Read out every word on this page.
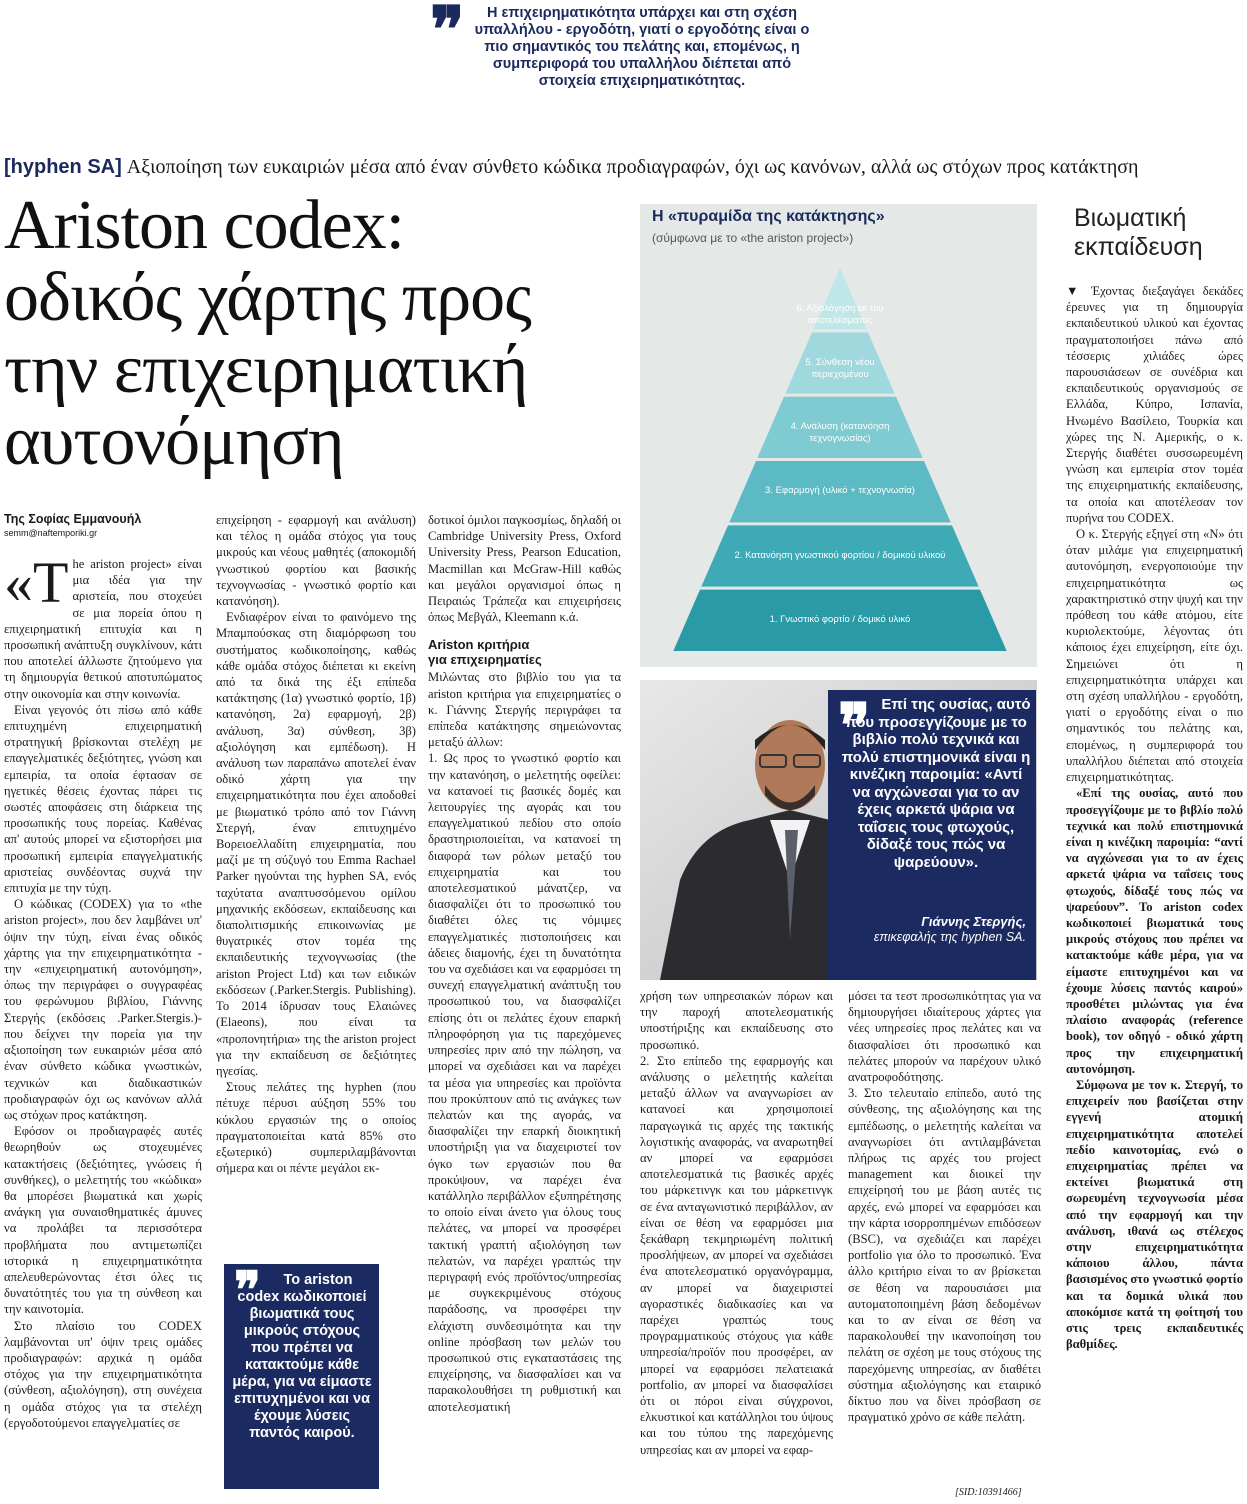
❞	Η επιχειρηματικότητα υπάρχει και στη σχέση υπαλλήλου - εργοδότη, γιατί ο εργοδότης είναι ο πιο σημαντικός του πελάτης και, επομένως, η συμπεριφορά του υπαλλήλου διέπεται από στοιχεία επιχειρηματικότητας.
[hyphen SA] Αξιοποίηση των ευκαιριών μέσα από έναν σύνθετο κώδικα προδιαγραφών, όχι ως κανόνων, αλλά ως στόχων προς κατάκτηση
Ariston codex:
οδικός χάρτης προς
την επιχειρηματική
αυτονόμηση
Της Σοφίας Εμμανουήλ
semm@naftemporiki.gr
«T he ariston project» είναι μια ιδέα για την αριστεία, που στοχεύει σε μια πορεία όπου η επιχειρηματική επιτυχία και η προσωπική ανάπτυξη συγκλίνουν, κάτι που αποτελεί άλλωστε ζητούμενο για τη δημιουργία θετικού αποτυπώματος στην οικονομία και στην κοινωνία.

Είναι γεγονός ότι πίσω από κάθε επιτυχημένη επιχειρηματική στρατηγική βρίσκονται στελέχη με επαγγελματικές δεξιότητες, γνώση και εμπειρία, τα οποία έφτασαν σε ηγετικές θέσεις έχοντας πάρει τις σωστές αποφάσεις στη διάρκεια της προσωπικής τους πορείας. Καθένας απ' αυτούς μπορεί να εξιστορήσει μια προσωπική εμπειρία επαγγελματικής αριστείας συνδέοντας συχνά την επιτυχία με την τύχη.

Ο κώδικας (CODEX) για το «the ariston project», που δεν λαμβάνει υπ' όψιν την τύχη, είναι ένας οδικός χάρτης για την επιχειρηματικότητα - την «επιχειρηματική αυτονόμηση», όπως την περιγράφει ο συγγραφέας του φερώνυμου βιβλίου, Γιάννης Στεργής (εκδόσεις .Parker.Stergis.)- που δείχνει την πορεία για την αξιοποίηση των ευκαιριών μέσα από έναν σύνθετο κώδικα γνωστικών, τεχνικών και διαδικαστικών προδιαγραφών όχι ως κανόνων αλλά ως στόχων προς κατάκτηση.

Εφόσον οι προδιαγραφές αυτές θεωρηθούν ως στοχευμένες κατακτήσεις (δεξιότητες, γνώσεις ή συνθήκες), ο μελετητής του «κώδικα» θα μπορέσει βιωματικά και χωρίς ανάγκη για συναισθηματικές άμυνες να προλάβει τα περισσότερα προβλήματα που αντιμετωπίζει ιστορικά η επιχειρηματικότητα απελευθερώνοντας έτσι όλες τις δυνατότητές του για τη σύνθεση και την καινοτομία.

Στο πλαίσιο του CODEX λαμβάνονται υπ' όψιν τρεις ομάδες προδιαγραφών: αρχικά η ομάδα στόχος για την επιχειρηματικότητα (σύνθεση, αξιολόγηση), στη συνέχεια η ομάδα στόχος για τα στελέχη (εργοδοτούμενοι επαγγελματίες σε

επιχείρηση - εφαρμογή και ανάλυση) και τέλος η ομάδα στόχος για τους μικρούς και νέους μαθητές (αποκομιδή γνωστικού φορτίου και βασικής τεχνογνωσίας - γνωστικό φορτίο και κατανόηση).

Ενδιαφέρον είναι το φαινόμενο της Μπαμπούσκας στη διαμόρφωση του συστήματος κωδικοποίησης, καθώς κάθε ομάδα στόχος διέπεται κι εκείνη από τα δικά της έξι επίπεδα κατάκτησης (1α) γνωστικό φορτίο, 1β) κατανόηση, 2α) εφαρμογή, 2β) ανάλυση, 3α) σύνθεση, 3β) αξιολόγηση και εμπέδωση). Η ανάλυση των παραπάνω αποτελεί έναν οδικό χάρτη για την επιχειρηματικότητα που έχει αποδοθεί με βιωματικό τρόπο από τον Γιάννη Στεργή, έναν επιτυχημένο Βορειοελλαδίτη επιχειρηματία, που μαζί με τη σύζυγό του Emma Rachael Parker ηγούνται της hyphen SA, ενός ταχύτατα αναπτυσσόμενου ομίλου μηχανικής εκδόσεων, εκπαίδευσης και διαπολιτισμικής επικοινωνίας με θυγατρικές στον τομέα της εκπαιδευτικής τεχνογνωσίας (the ariston Project Ltd) και των ειδικών εκδόσεων (.Parker.Stergis. Publishing). Το 2014 ίδρυσαν τους Ελαιώνες (Elaeons), που είναι τα «προπονητήρια» της the ariston project για την εκπαίδευση σε δεξιότητες ηγεσίας.

Στους πελάτες της hyphen (που πέτυχε πέρυσι αύξηση 55% του κύκλου εργασιών της ο οποίος πραγματοποιείται κατά 85% στο εξωτερικό) συμπεριλαμβάνονται σήμερα και οι πέντε μεγάλοι εκ-

❞	Το ariston codex κωδικοποιεί βιωματικά τους μικρούς στόχους που πρέπει να κατακτούμε κάθε μέρα, για να είμαστε επιτυχημένοι και να έχουμε λύσεις παντός καιρού.

δοτικοί όμιλοι παγκοσμίως, δηλαδή οι Cambridge University Press, Oxford University Press, Pearson Education, Macmillan και McGraw-Hill καθώς και μεγάλοι οργανισμοί όπως η Πειραιώς Τράπεζα και επιχειρήσεις όπως Μεβγάλ, Kleemann κ.ά.

Ariston κριτήρια
για επιχειρηματίες

Μιλώντας στο βιβλίο του για τα ariston κριτήρια για επιχειρηματίες ο κ. Γιάννης Στεργής περιγράφει τα επίπεδα κατάκτησης σημειώνοντας μεταξύ άλλων:

1. Ως προς το γνωστικό φορτίο και την κατανόηση, ο μελετητής οφείλει: να κατανοεί τις βασικές δομές και λειτουργίες της αγοράς και του επαγγελματικού πεδίου στο οποίο δραστηριοποιείται, να κατανοεί τη διαφορά των ρόλων μεταξύ του επιχειρηματία και του αποτελεσματικού μάνατζερ, να διασφαλίζει ότι το προσωπικό του διαθέτει όλες τις νόμιμες επαγγελματικές πιστοποιήσεις και άδειες διαμονής, έχει τη δυνατότητα του να σχεδιάσει και να εφαρμόσει τη συνεχή επαγγελματική ανάπτυξη του προσωπικού του, να διασφαλίζει επίσης ότι οι πελάτες έχουν επαρκή πληροφόρηση για τις παρεχόμενες υπηρεσίες πριν από την πώληση, να μπορεί να σχεδιάσει και να παρέχει τα μέσα για υπηρεσίες και προϊόντα που προκύπτουν από τις ανάγκες των πελατών και της αγοράς, να διασφαλίζει την επαρκή διοικητική υποστήριξη για να διαχειριστεί τον όγκο των εργασιών που θα προκύψουν, να παρέχει ένα κατάλληλο περιβάλλον εξυπηρέτησης το οποίο είναι άνετο για όλους τους πελάτες, να μπορεί να προσφέρει τακτική γραπτή αξιολόγηση των πελατών, να παρέχει γραπτώς την περιγραφή ενός προϊόντος/υπηρεσίας με συγκεκριμένους στόχους παράδοσης, να προσφέρει την ελάχιστη συνδεσιμότητα και την online πρόσβαση των μελών του προσωπικού στις εγκαταστάσεις της επιχείρησης, να διασφαλίσει και να παρακολουθήσει τη ρυθμιστική και αποτελεσματική

Η «πυραμίδα της κατάκτησης»
(σύμφωνα με το «the ariston project»)
6. Αξιολόγηση εκ του αποτελέσματος
5. Σύνθεση νέου περιεχομένου
4. Ανάλυση (κατανόηση τεχνογνωσίας)
3. Εφαρμογή (υλικό + τεχνογνωσία)
2. Κατανόηση γνωστικού φορτίου / δομικού υλικού
1. Γνωστικό φορτίο / δομικό υλικό
❞ Επί της ουσίας, αυτό που προσεγγίζουμε με το βιβλίο πολύ τεχνικά και πολύ επιστημονικά είναι η κινέζικη παροιμία: «Αντί να αγχώνεσαι για το αν έχεις αρκετά ψάρια να ταΐσεις τους φτωχούς, δίδαξέ τους πώς να ψαρεύουν».
Γιάννης Στεργής,
επικεφαλής της hyphen SA.

χρήση των υπηρεσιακών πόρων και την παροχή αποτελεσματικής υποστήριξης και εκπαίδευσης στο προσωπικό.

2. Στο επίπεδο της εφαρμογής και ανάλυσης ο μελετητής καλείται μεταξύ άλλων να αναγνωρίσει αν κατανοεί και χρησιμοποιεί παραγωγικά τις αρχές της τακτικής λογιστικής αναφοράς, να αναρωτηθεί αν μπορεί να εφαρμόσει αποτελεσματικά τις βασικές αρχές του μάρκετινγκ και του μάρκετινγκ σε ένα ανταγωνιστικό περιβάλλον, αν είναι σε θέση να εφαρμόσει μια ξεκάθαρη τεκμηριωμένη πολιτική προσλήψεων, αν μπορεί να σχεδιάσει ένα αποτελεσματικό οργανόγραμμα, αν μπορεί να διαχειριστεί αγοραστικές διαδικασίες και να παρέχει γραπτώς τους προγραμματικούς στόχους για κάθε υπηρεσία/προϊόν που προσφέρει, αν μπορεί να εφαρμόσει πελατειακά portfolio, αν μπορεί να διασφαλίσει ότι οι πόροι είναι σύγχρονοι, ελκυστικοί και κατάλληλοι του ύψους και του τύπου της παρεχόμενης υπηρεσίας και αν μπορεί να εφαρ-

μόσει τα τεστ προσωπικότητας για να δημιουργήσει ιδιαίτερους χάρτες για νέες υπηρεσίες προς πελάτες και να διασφαλίσει ότι προσωπικό και πελάτες μπορούν να παρέχουν υλικό ανατροφοδότησης.

3. Στο τελευταίο επίπεδο, αυτό της σύνθεσης, της αξιολόγησης και της εμπέδωσης, ο μελετητής καλείται να αναγνωρίσει ότι αντιλαμβάνεται πλήρως τις αρχές του project management και διοικεί την επιχείρησή του με βάση αυτές τις αρχές, ενώ μπορεί να εφαρμόσει και την κάρτα ισορροπημένων επιδόσεων (BSC), να σχεδιάζει και παρέχει portfolio για όλο το προσωπικό. Ένα άλλο κριτήριο είναι το αν βρίσκεται σε θέση να παρουσιάσει μια αυτοματοποιημένη βάση δεδομένων και το αν είναι σε θέση να παρακολουθεί την ικανοποίηση του πελάτη σε σχέση με τους στόχους της παρεχόμενης υπηρεσίας, αν διαθέτει σύστημα αξιολόγησης και εταιρικό δίκτυο που να δίνει πρόσβαση σε πραγματικό χρόνο σε κάθε πελάτη.

Βιωματική εκπαίδευση

▼ Έχοντας διεξαγάγει δεκάδες έρευνες για τη δημιουργία εκπαιδευτικού υλικού και έχοντας πραγματοποιήσει πάνω από τέσσερις χιλιάδες ώρες παρουσιάσεων σε συνέδρια και εκπαιδευτικούς οργανισμούς σε Ελλάδα, Κύπρο, Ισπανία, Ηνωμένο Βασίλειο, Τουρκία και χώρες της Ν. Αμερικής, ο κ. Στεργής διαθέτει συσσωρευμένη γνώση και εμπειρία στον τομέα της επιχειρηματικής εκπαίδευσης, τα οποία και αποτέλεσαν τον πυρήνα του CODEX.

Ο κ. Στεργής εξηγεί στη «Ν» ότι όταν μιλάμε για επιχειρηματική αυτονόμηση, ενεργοποιούμε την επιχειρηματικότητα ως χαρακτηριστικό στην ψυχή και την πρόθεση του κάθε ατόμου, είτε κυριολεκτούμε, λέγοντας ότι κάποιος έχει επιχείρηση, είτε όχι. Σημειώνει ότι η επιχειρηματικότητα υπάρχει και στη σχέση υπαλλήλου - εργοδότη, γιατί ο εργοδότης είναι ο πιο σημαντικός του πελάτης και, επομένως, η συμπεριφορά του υπαλλήλου διέπεται από στοιχεία επιχειρηματικότητας.

«Επί της ουσίας, αυτό που προσεγγίζουμε με το βιβλίο πολύ τεχνικά και πολύ επιστημονικά είναι η κινέζικη παροιμία: “αντί να αγχώνεσαι για το αν έχεις αρκετά ψάρια να ταΐσεις τους φτωχούς, δίδαξέ τους πώς να ψαρεύουν”. Το ariston codex κωδικοποιεί βιωματικά τους μικρούς στόχους που πρέπει να κατακτούμε κάθε μέρα, για να είμαστε επιτυχημένοι και να έχουμε λύσεις παντός καιρού» προσθέτει μιλώντας για ένα πλαίσιο αναφοράς (reference book), τον οδηγό - οδικό χάρτη προς την επιχειρηματική αυτονόμηση.

Σύμφωνα με τον κ. Στεργή, το επιχειρείν που βασίζεται στην εγγενή ατομική επιχειρηματικότητα αποτελεί πεδίο καινοτομίας, ενώ ο επιχειρηματίας πρέπει να εκτείνει βιωματικά στη σωρευμένη τεχνογνωσία μέσα από την εφαρμογή και την ανάλυση, ιθανά ως στέλεχος στην επιχειρηματικότητα κάποιου άλλου, πάντα βασισμένος στο γνωστικό φορτίο και τα δομικά υλικά που αποκόμισε κατά τη φοίτησή του στις τρεις εκπαιδευτικές βαθμίδες.

[SID:10391466]
